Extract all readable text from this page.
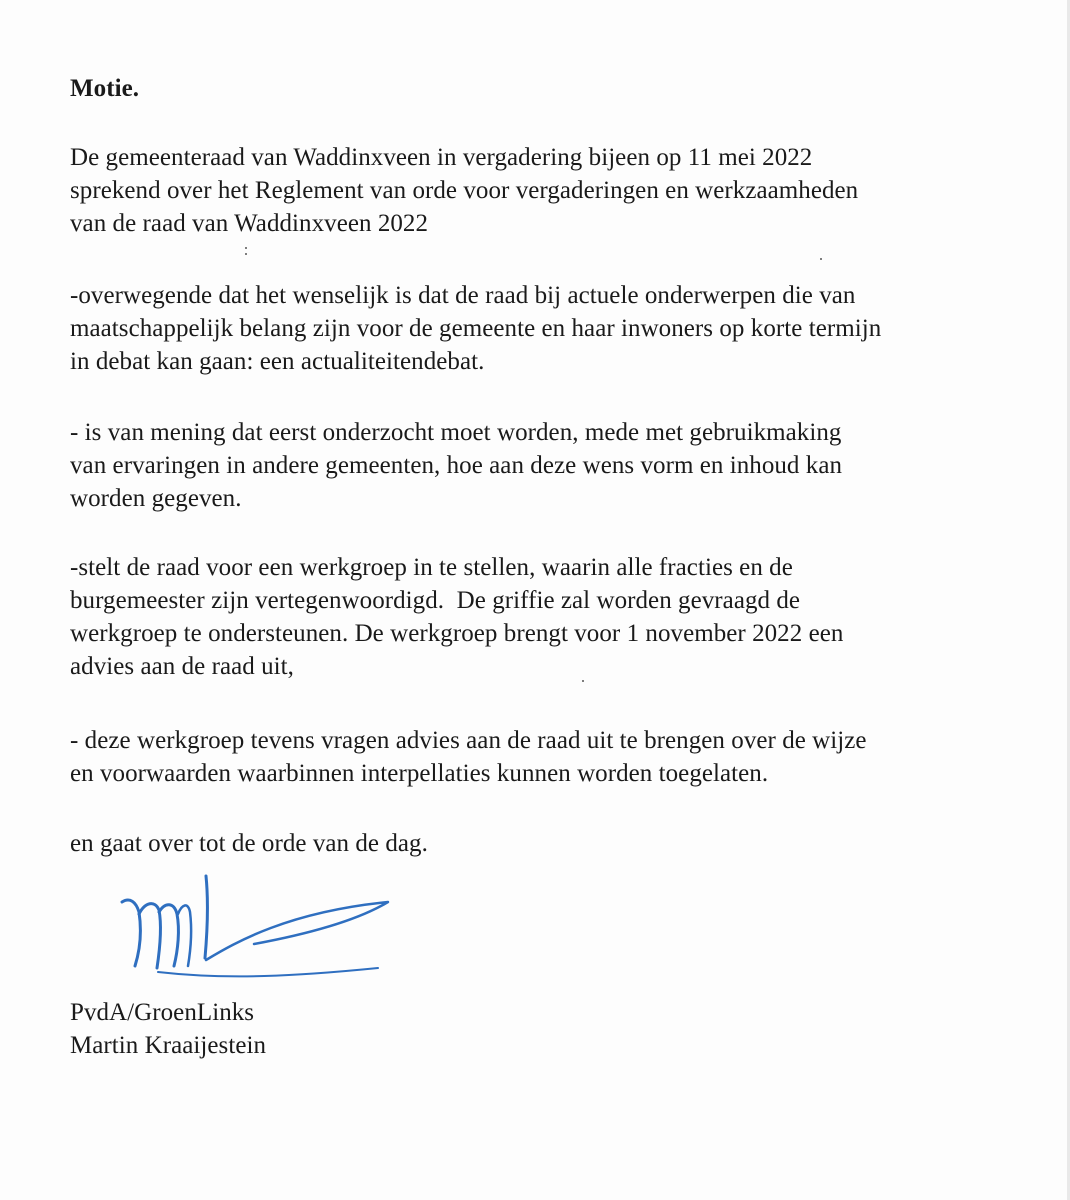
Motie.
De gemeenteraad van Waddinxveen in vergadering bijeen op 11 mei 2022
sprekend over het Reglement van orde voor vergaderingen en werkzaamheden
van de raad van Waddinxveen 2022
-overwegende dat het wenselijk is dat de raad bij actuele onderwerpen die van
maatschappelijk belang zijn voor de gemeente en haar inwoners op korte termijn
in debat kan gaan: een actualiteitendebat.
- is van mening dat eerst onderzocht moet worden, mede met gebruikmaking
van ervaringen in andere gemeenten, hoe aan deze wens vorm en inhoud kan
worden gegeven.
-stelt de raad voor een werkgroep in te stellen, waarin alle fracties en de
burgemeester zijn vertegenwoordigd.  De griffie zal worden gevraagd de
werkgroep te ondersteunen. De werkgroep brengt voor 1 november 2022 een
advies aan de raad uit,
- deze werkgroep tevens vragen advies aan de raad uit te brengen over de wijze
en voorwaarden waarbinnen interpellaties kunnen worden toegelaten.
en gaat over tot de orde van de dag.
PvdA/GroenLinks
Martin Kraaijestein
